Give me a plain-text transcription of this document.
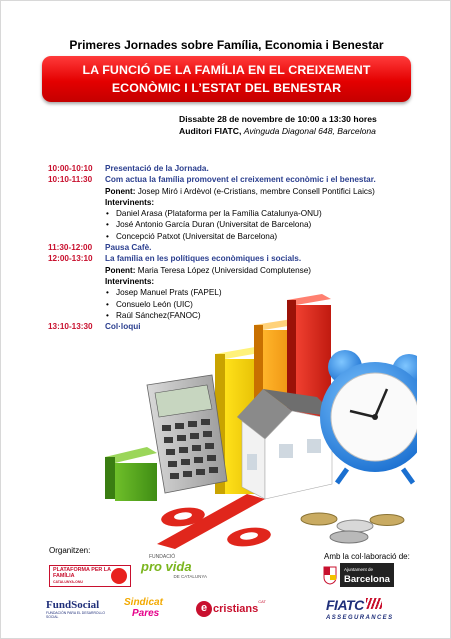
Primeres Jornades sobre Família, Economia i Benestar
LA FUNCIÓ DE LA FAMÍLIA EN EL CREIXEMENT
ECONÒMIC I L’ESTAT DEL BENESTAR
Dissabte 28 de novembre de 10:00 a 13:30 hores
Auditori FIATC, Avinguda Diagonal 648, Barcelona
10:00-10:10	Presentació de la Jornada.
10:10-11:30	Com actua la família promovent el creixement econòmic i el benestar.
Ponent: Josep Miró i Ardèvol (e-Cristians, membre Consell Pontifici Laics)
Intervinents:
• Daniel Arasa (Plataforma per la Família Catalunya-ONU)
• José Antonio García Duran (Universitat de Barcelona)
• Concepció Patxot (Universitat de Barcelona)
11:30-12:00	Pausa Cafè.
12:00-13:10	La família en les polítiques econòmiques i socials.
Ponent: Maria Teresa López (Universidad Complutense)
Intervinents:
• Josep Manuel Prats (FAPEL)
• Consuelo León (UIC)
• Raúl Sánchez(FANOC)
13:10-13:30	Col·loqui
Organitzen:
Amb la col·laboració de:
PLATAFORMA PER LA FAMÍLIA
CATALUNYA-ONU
FUNDACIÓ
pro vida
DE CATALUNYA
FundSocial
FUNDACIÓN PARA EL DESARROLLO SOCIAL
Sindicat
Pares	e cristians
CAT
Ajuntament de
Barcelona
FIATC
ASSEGURANCES
